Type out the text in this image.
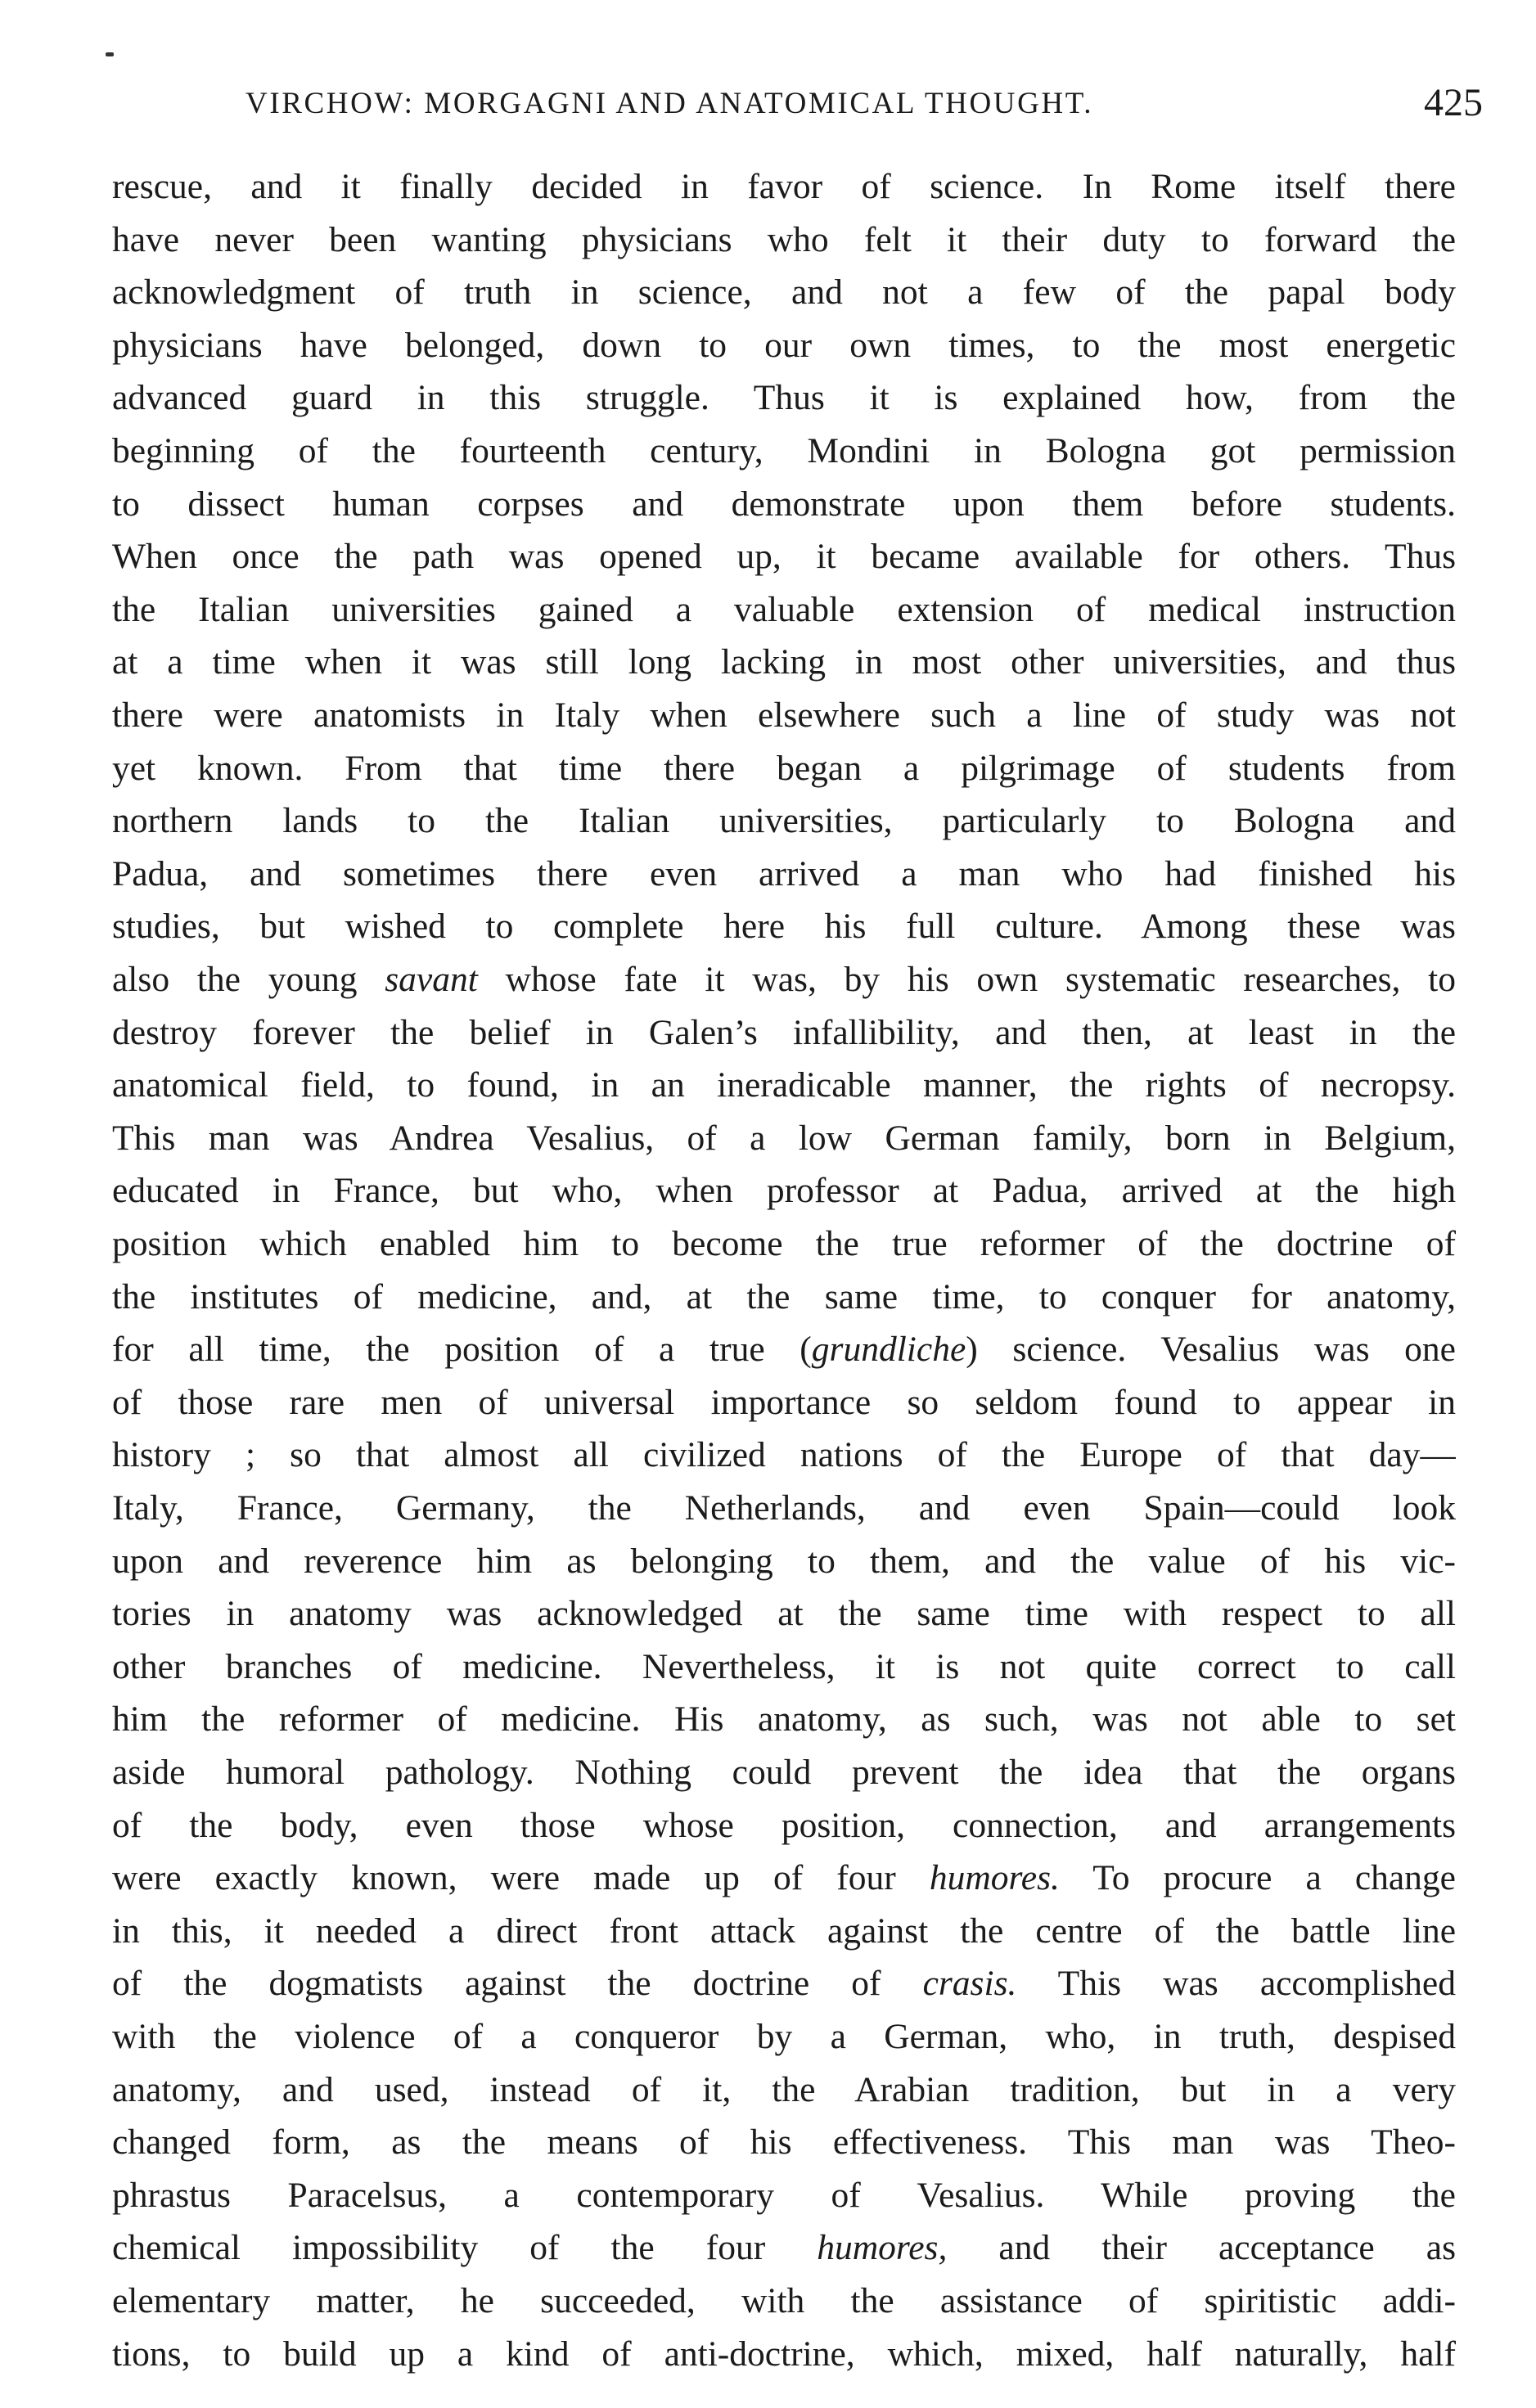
VIRCHOW: MORGAGNI AND ANATOMICAL THOUGHT.	425
rescue, and it finally decided in favor of science. In Rome itself there
have never been wanting physicians who felt it their duty to forward the
acknowledgment of truth in science, and not a few of the papal body
physicians have belonged, down to our own times, to the most energetic
advanced guard in this struggle. Thus it is explained how, from the
beginning of the fourteenth century, Mondini in Bologna got permission
to dissect human corpses and demonstrate upon them before students.
When once the path was opened up, it became available for others. Thus
the Italian universities gained a valuable extension of medical instruction
at a time when it was still long lacking in most other universities, and thus
there were anatomists in Italy when elsewhere such a line of study was not
yet known. From that time there began a pilgrimage of students from
northern lands to the Italian universities, particularly to Bologna and
Padua, and sometimes there even arrived a man who had finished his
studies, but wished to complete here his full culture. Among these was
also the young savant whose fate it was, by his own systematic researches, to
destroy forever the belief in Galen’s infallibility, and then, at least in the
anatomical field, to found, in an ineradicable manner, the rights of necropsy.
This man was Andrea Vesalius, of a low German family, born in Belgium,
educated in France, but who, when professor at Padua, arrived at the high
position which enabled him to become the true reformer of the doctrine of
the institutes of medicine, and, at the same time, to conquer for anatomy,
for all time, the position of a true (grundliche) science. Vesalius was one
of those rare men of universal importance so seldom found to appear in
history ; so that almost all civilized nations of the Europe of that day—
Italy, France, Germany, the Netherlands, and even Spain—could look
upon and reverence him as belonging to them, and the value of his vic-
tories in anatomy was acknowledged at the same time with respect to all
other branches of medicine. Nevertheless, it is not quite correct to call
him the reformer of medicine. His anatomy, as such, was not able to set
aside humoral pathology. Nothing could prevent the idea that the organs
of the body, even those whose position, connection, and arrangements
were exactly known, were made up of four humores. To procure a change
in this, it needed a direct front attack against the centre of the battle line
of the dogmatists against the doctrine of crasis. This was accomplished
with the violence of a conqueror by a German, who, in truth, despised
anatomy, and used, instead of it, the Arabian tradition, but in a very
changed form, as the means of his effectiveness. This man was Theo-
phrastus Paracelsus, a contemporary of Vesalius. While proving the
chemical impossibility of the four humores, and their acceptance as
elementary matter, he succeeded, with the assistance of spiritistic addi-
tions, to build up a kind of anti-doctrine, which, mixed, half naturally, half
